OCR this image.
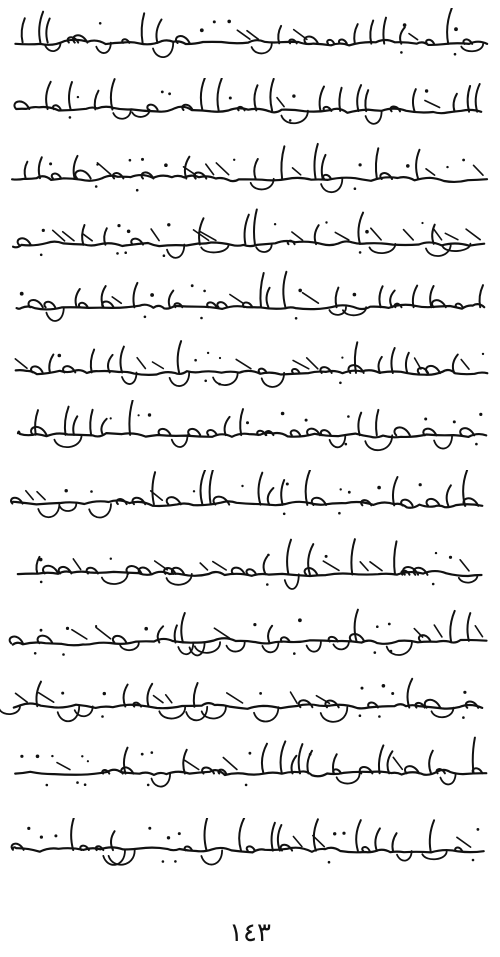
١٤٣
